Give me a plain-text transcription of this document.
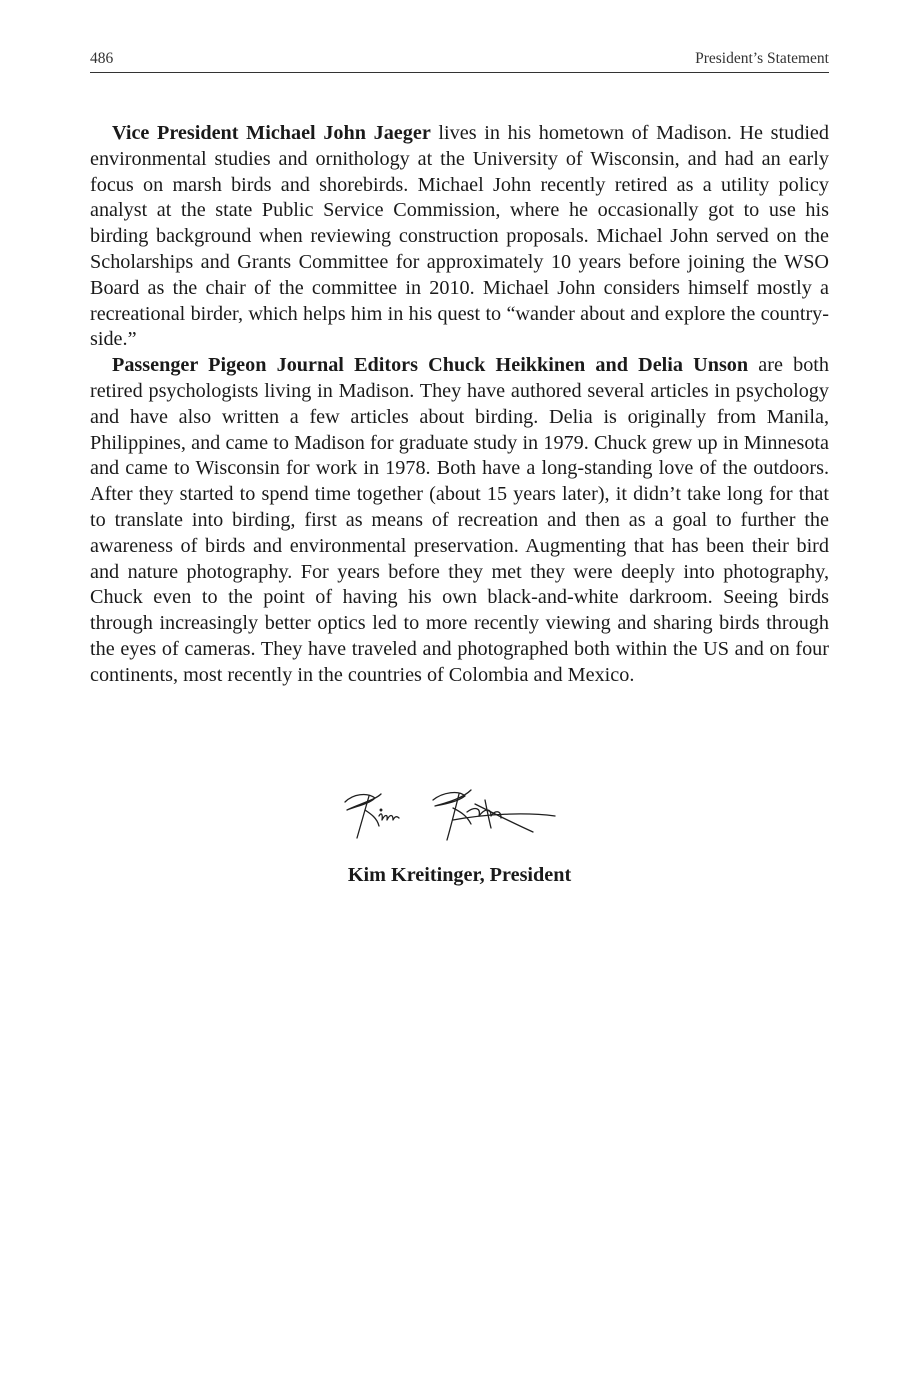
486	President’s Statement

Vice President Michael John Jaeger lives in his hometown of Madison. He studied environmental studies and ornithology at the University of Wisconsin, and had an early focus on marsh birds and shorebirds. Michael John recently retired as a utility policy analyst at the state Public Service Commission, where he occasionally got to use his birding background when reviewing construction proposals. Michael John served on the Scholarships and Grants Committee for approximately 10 years before joining the WSO Board as the chair of the committee in 2010. Michael John considers himself mostly a recreational birder, which helps him in his quest to “wander about and explore the countryside.”

Passenger Pigeon Journal Editors Chuck Heikkinen and Delia Unson are both retired psychologists living in Madison. They have authored several articles in psychology and have also written a few articles about birding. Delia is originally from Manila, Philippines, and came to Madison for graduate study in 1979. Chuck grew up in Minnesota and came to Wisconsin for work in 1978. Both have a long-standing love of the outdoors. After they started to spend time together (about 15 years later), it didn’t take long for that to translate into birding, first as means of recreation and then as a goal to further the awareness of birds and environmental preservation. Augmenting that has been their bird and nature photography. For years before they met they were deeply into photography, Chuck even to the point of having his own black-and-white darkroom. Seeing birds through increasingly better optics led to more recently viewing and sharing birds through the eyes of cameras. They have traveled and photographed both within the US and on four continents, most recently in the countries of Colombia and Mexico.

Kim Kreitinger, President
